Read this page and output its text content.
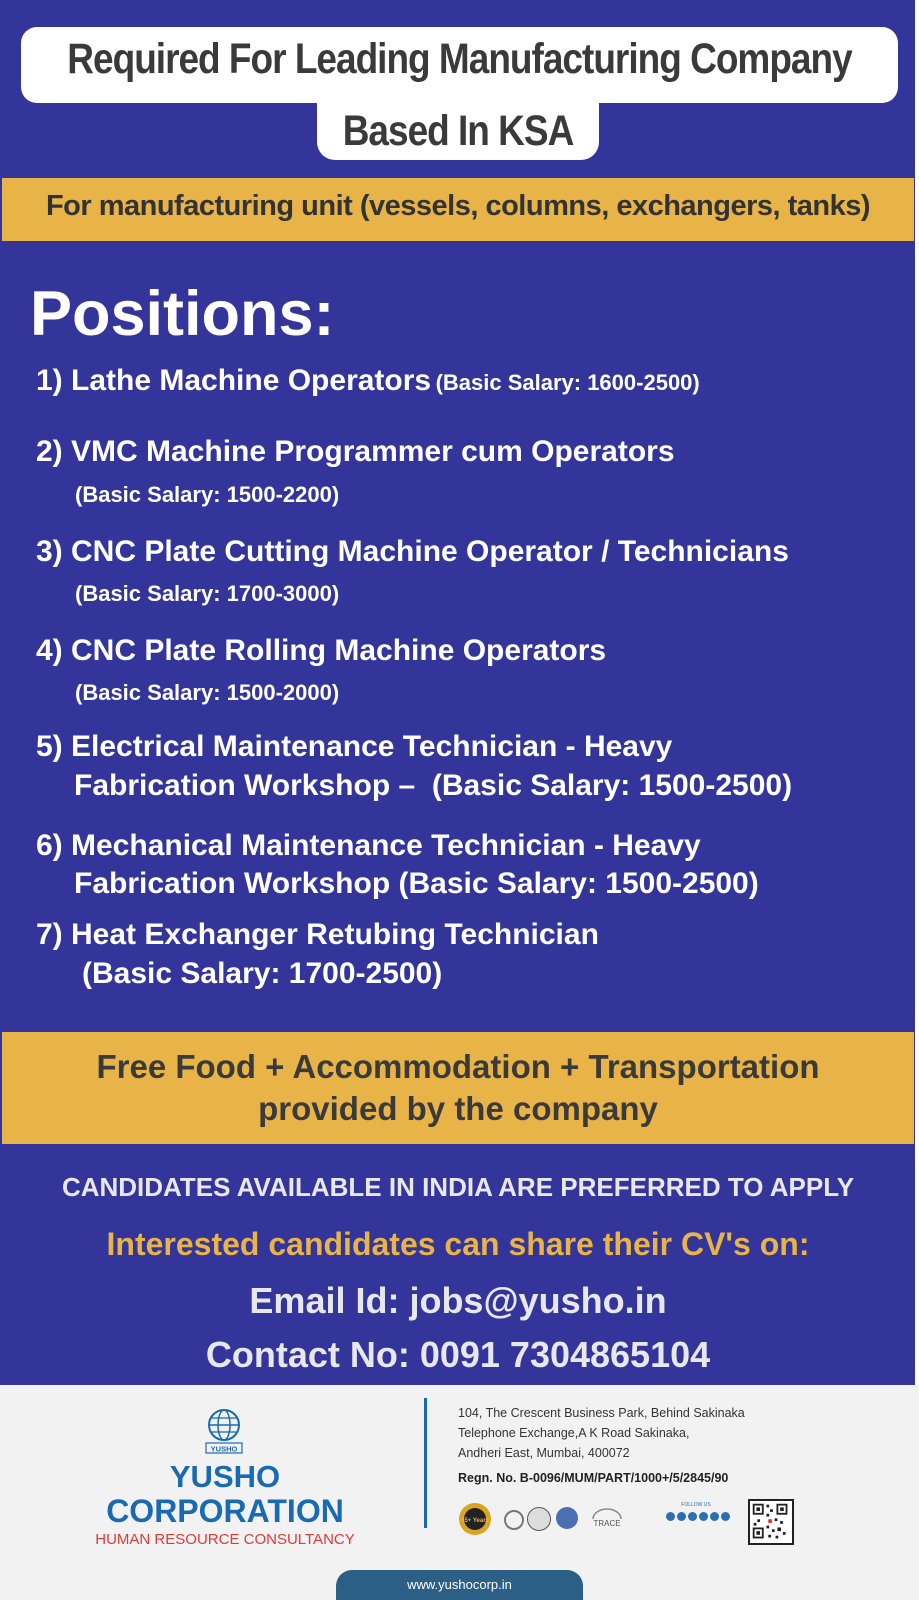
Required For Leading Manufacturing Company
Based In KSA
For manufacturing unit (vessels, columns, exchangers, tanks)
Positions:
1) Lathe Machine Operators (Basic Salary: 1600-2500)
2) VMC Machine Programmer cum Operators
(Basic Salary: 1500-2200)
3) CNC Plate Cutting Machine Operator / Technicians
(Basic Salary: 1700-3000)
4) CNC Plate Rolling Machine Operators
(Basic Salary: 1500-2000)
5) Electrical Maintenance Technician - Heavy
Fabrication Workshop – (Basic Salary: 1500-2500)
6) Mechanical Maintenance Technician - Heavy
Fabrication Workshop (Basic Salary: 1500-2500)
7) Heat Exchanger Retubing Technician
(Basic Salary: 1700-2500)
Free Food + Accommodation + Transportation
provided by the company
CANDIDATES AVAILABLE IN INDIA ARE PREFERRED TO APPLY
Interested candidates can share their CV's on:
Email Id: jobs@yusho.in
Contact No: 0091 7304865104
YUSHO
YUSHO
CORPORATION
HUMAN RESOURCE CONSULTANCY
104, The Crescent Business Park, Behind Sakinaka
Telephone Exchange,A K Road Sakinaka,
Andheri East, Mumbai, 400072
Regn. No. B-0096/MUM/PART/1000+/5/2845/90
45+ Years	TRACE
FOLLOW US
www.yushocorp.in
